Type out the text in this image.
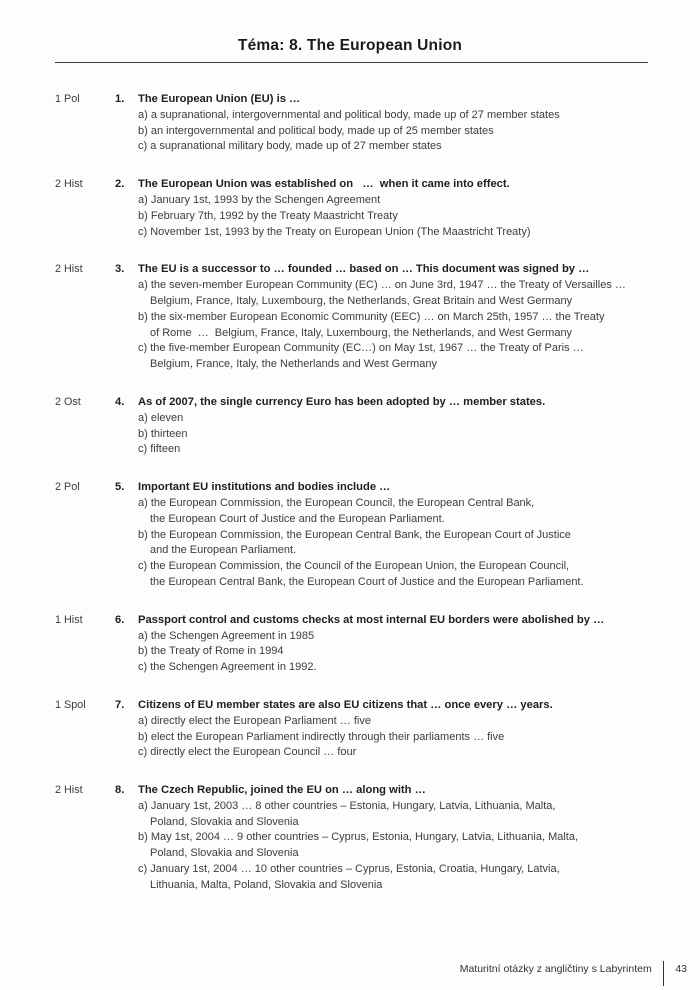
Téma: 8. The European Union
1 Pol	1.	The European Union (EU) is …
a) a supranational, intergovernmental and political body, made up of 27 member states
b) an intergovernmental and political body, made up of 25 member states
c) a supranational military body, made up of 27 member states
2 Hist	2.	The European Union was established on   …  when it came into effect.
a) January 1st, 1993 by the Schengen Agreement
b) February 7th, 1992 by the Treaty Maastricht Treaty
c) November 1st, 1993 by the Treaty on European Union (The Maastricht Treaty)
2 Hist	3.	The EU is a successor to … founded … based on … This document was signed by …
a) the seven-member European Community (EC) … on June 3rd, 1947 … the Treaty of Versailles …
Belgium, France, Italy, Luxembourg, the Netherlands, Great Britain and West Germany
b) the six-member European Economic Community (EEC) … on March 25th, 1957 … the Treaty
of Rome  …  Belgium, France, Italy, Luxembourg, the Netherlands, and West Germany
c) the five-member European Community (EC…) on May 1st, 1967 … the Treaty of Paris …
Belgium, France, Italy, the Netherlands and West Germany
2 Ost	4.	As of 2007, the single currency Euro has been adopted by … member states.
a) eleven
b) thirteen
c) fifteen
2 Pol	5.	Important EU institutions and bodies include …
a) the European Commission, the European Council, the European Central Bank,
the European Court of Justice and the European Parliament.
b) the European Commission, the European Central Bank, the European Court of Justice
and the European Parliament.
c) the European Commission, the Council of the European Union, the European Council,
the European Central Bank, the European Court of Justice and the European Parliament.
1 Hist	6.	Passport control and customs checks at most internal EU borders were abolished by …
a) the Schengen Agreement in 1985
b) the Treaty of Rome in 1994
c) the Schengen Agreement in 1992.
1 Spol	7.	Citizens of EU member states are also EU citizens that … once every … years.
a) directly elect the European Parliament … five
b) elect the European Parliament indirectly through their parliaments … five
c) directly elect the European Council … four
2 Hist	8.	The Czech Republic, joined the EU on … along with …
a) January 1st, 2003 … 8 other countries – Estonia, Hungary, Latvia, Lithuania, Malta,
Poland, Slovakia and Slovenia
b) May 1st, 2004 … 9 other countries – Cyprus, Estonia, Hungary, Latvia, Lithuania, Malta,
Poland, Slovakia and Slovenia
c) January 1st, 2004 … 10 other countries – Cyprus, Estonia, Croatia, Hungary, Latvia,
Lithuania, Malta, Poland, Slovakia and Slovenia
Maturitní otázky z angličtiny s Labyrintem 43
